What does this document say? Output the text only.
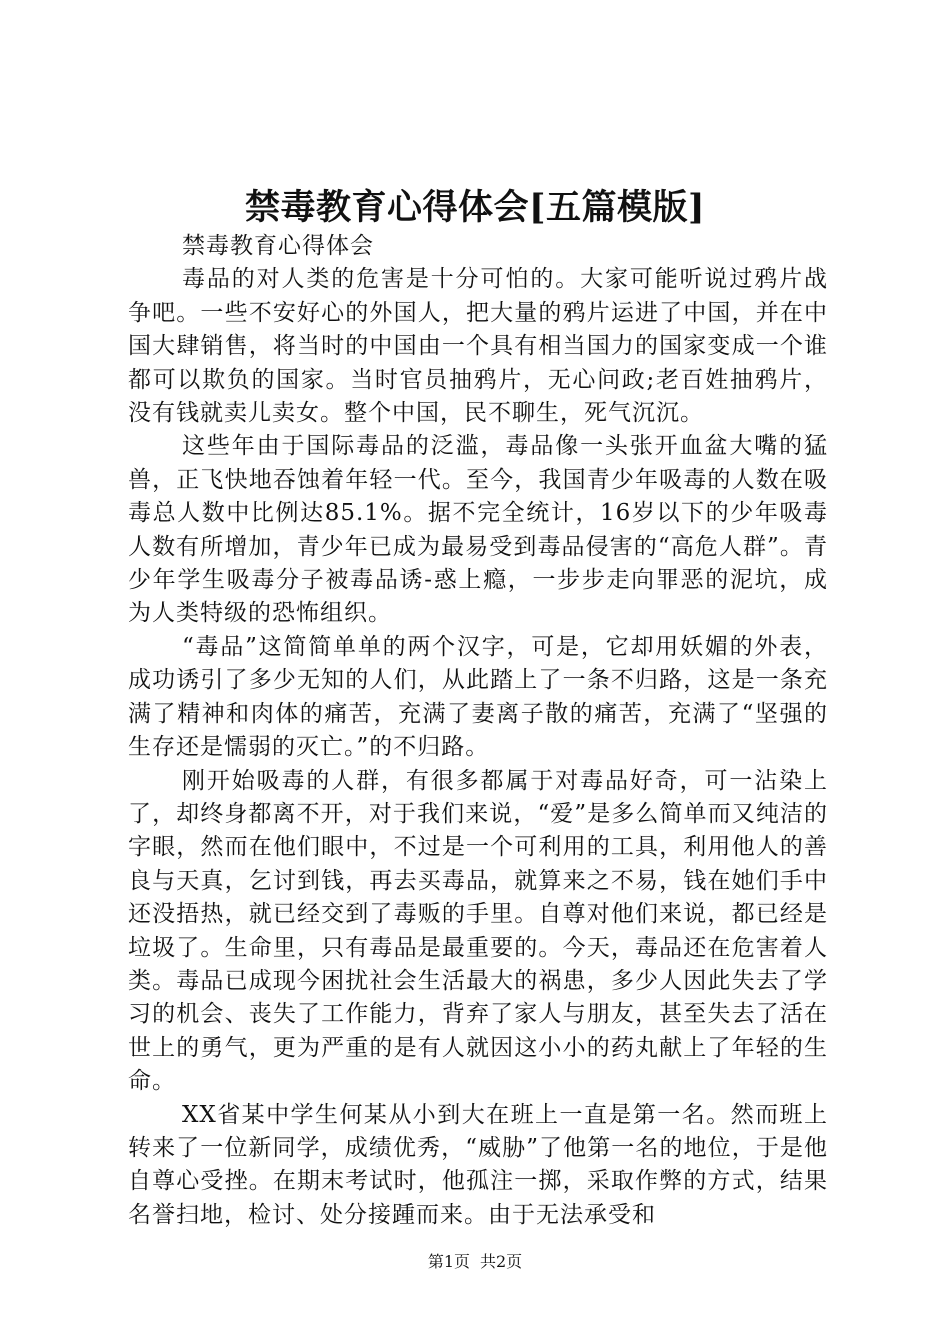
禁毒教育心得体会[五篇模版]

禁毒教育心得体会

毒品的对人类的危害是十分可怕的。大家可能听说过鸦片战争吧。一些不安好心的外国人，把大量的鸦片运进了中国，并在中国大肆销售，将当时的中国由一个具有相当国力的国家变成一个谁都可以欺负的国家。当时官员抽鸦片，无心问政;老百姓抽鸦片，没有钱就卖儿卖女。整个中国，民不聊生，死气沉沉。

这些年由于国际毒品的泛滥，毒品像一头张开血盆大嘴的猛兽，正飞快地吞蚀着年轻一代。至今，我国青少年吸毒的人数在吸毒总人数中比例达85.1%。据不完全统计，16岁以下的少年吸毒人数有所增加，青少年已成为最易受到毒品侵害的“高危人群”。青少年学生吸毒分子被毒品诱-惑上瘾，一步步走向罪恶的泥坑，成为人类特级的恐怖组织。

“毒品”这简简单单的两个汉字，可是，它却用妖媚的外表，成功诱引了多少无知的人们，从此踏上了一条不归路，这是一条充满了精神和肉体的痛苦，充满了妻离子散的痛苦，充满了“坚强的生存还是懦弱的灭亡。”的不归路。

刚开始吸毒的人群，有很多都属于对毒品好奇，可一沾染上了，却终身都离不开，对于我们来说，“爱”是多么简单而又纯洁的字眼，然而在他们眼中，不过是一个可利用的工具，利用他人的善良与天真，乞讨到钱，再去买毒品，就算来之不易，钱在她们手中还没捂热，就已经交到了毒贩的手里。自尊对他们来说，都已经是垃圾了。生命里，只有毒品是最重要的。今天，毒品还在危害着人类。毒品已成现今困扰社会生活最大的祸患，多少人因此失去了学习的机会、丧失了工作能力，背弃了家人与朋友，甚至失去了活在世上的勇气，更为严重的是有人就因这小小的药丸献上了年轻的生命。

XX省某中学生何某从小到大在班上一直是第一名。然而班上转来了一位新同学，成绩优秀，“威胁”了他第一名的地位，于是他自尊心受挫。在期末考试时，他孤注一掷，采取作弊的方式，结果名誉扫地，检讨、处分接踵而来。由于无法承受和

第1页 共2页
